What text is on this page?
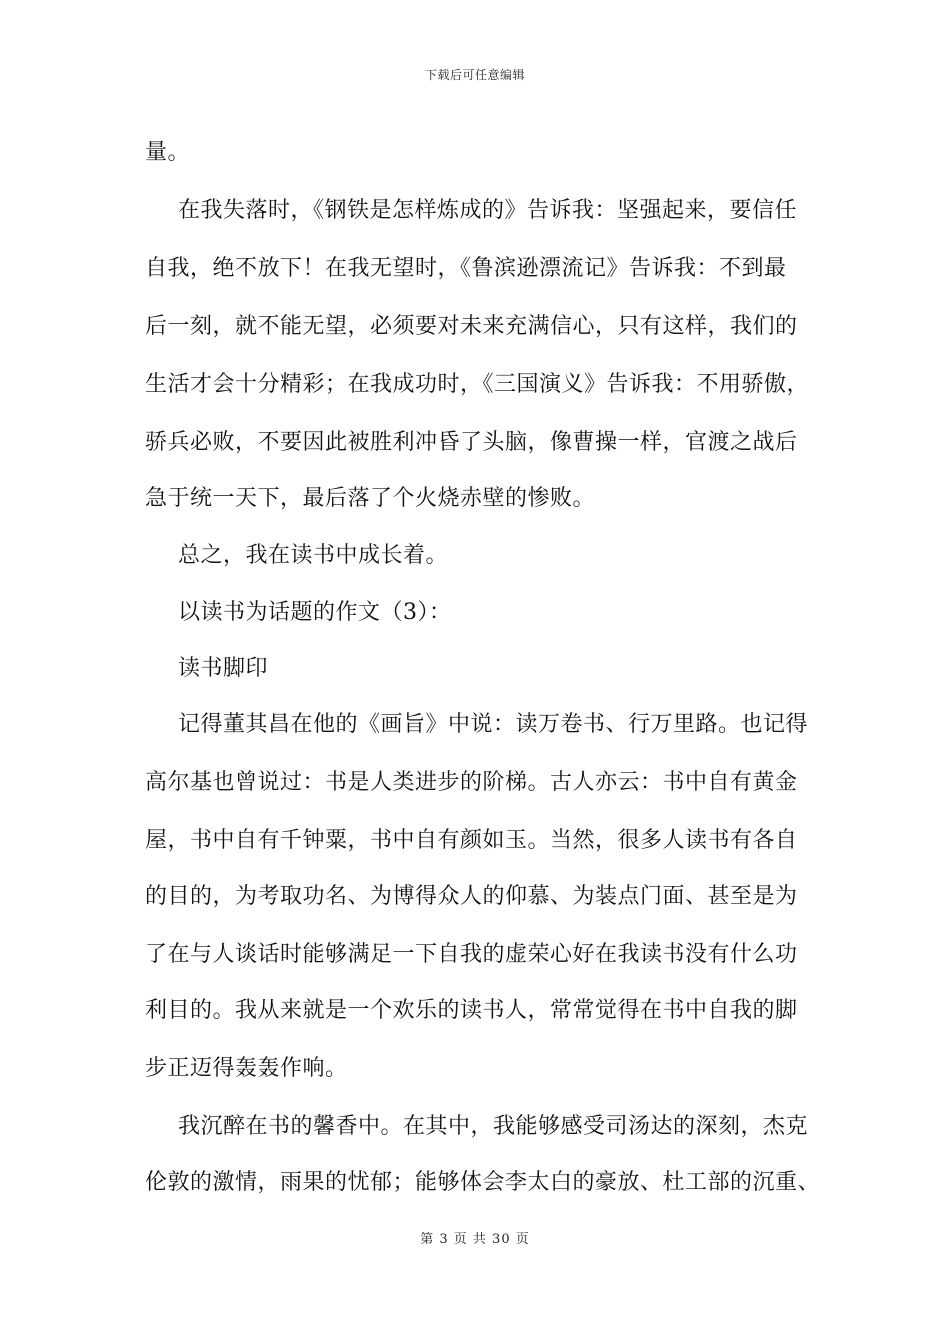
下载后可任意编辑
量。
在我失落时，《钢铁是怎样炼成的》告诉我：坚强起来，要信任
自我，绝不放下！在我无望时，《鲁滨逊漂流记》告诉我：不到最
后一刻，就不能无望，必须要对未来充满信心，只有这样，我们的
生活才会十分精彩；在我成功时，《三国演义》告诉我：不用骄傲，
骄兵必败，不要因此被胜利冲昏了头脑，像曹操一样，官渡之战后
急于统一天下，最后落了个火烧赤壁的惨败。
总之，我在读书中成长着。
以读书为话题的作文（3）：
读书脚印
记得董其昌在他的《画旨》中说：读万卷书、行万里路。也记得
高尔基也曾说过：书是人类进步的阶梯。古人亦云：书中自有黄金
屋，书中自有千钟粟，书中自有颜如玉。当然，很多人读书有各自
的目的，为考取功名、为博得众人的仰慕、为装点门面、甚至是为
了在与人谈话时能够满足一下自我的虚荣心好在我读书没有什么功
利目的。我从来就是一个欢乐的读书人，常常觉得在书中自我的脚
步正迈得轰轰作响。
我沉醉在书的馨香中。在其中，我能够感受司汤达的深刻，杰克
伦敦的激情，雨果的忧郁；能够体会李太白的豪放、杜工部的沉重、
第 3 页 共 30 页
